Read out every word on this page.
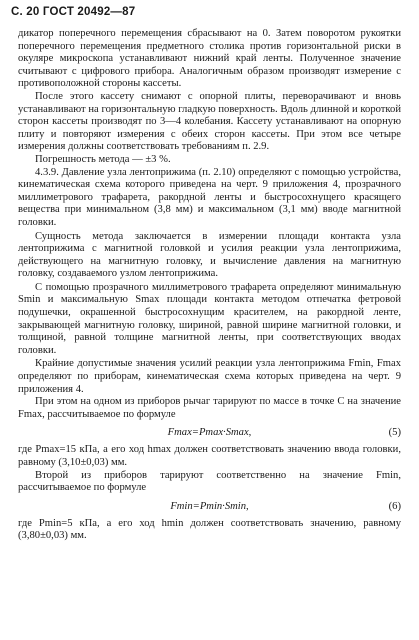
С. 20 ГОСТ 20492—87

дикатор поперечного перемещения сбрасывают на 0. Затем поворотом рукоятки поперечного перемещения предметного столика против горизонтальной риски в окуляре микроскопа устанавливают нижний край ленты. Полученное значение считывают с цифрового прибора. Аналогичным образом производят измерение с противоположной стороны кассеты.

После этого кассету снимают с опорной плиты, переворачивают и вновь устанавливают на горизонтальную гладкую поверхность. Вдоль длинной и короткой сторон кассеты производят по 3—4 колебания. Кассету устанавливают на опорную плиту и повторяют измерения с обеих сторон кассеты. При этом все четыре измерения должны соответствовать требованиям п. 2.9.

Погрешность метода — ±3 %.

4.3.9. Давление узла лентоприжима (п. 2.10) определяют с помощью устройства, кинематическая схема которого приведена на черт. 9 приложения 4, прозрачного миллиметрового трафарета, ракордной ленты и быстросохнущего красящего вещества при минимальном (3,8 мм) и максимальном (3,1 мм) вводе магнитной головки.

Сущность метода заключается в измерении площади контакта узла лентоприжима с магнитной головкой и усилия реакции узла лентоприжима, действующего на магнитную головку, и вычисление давления на магнитную головку, создаваемого узлом лентоприжима.

С помощью прозрачного миллиметрового трафарета определяют минимальную Smin и максимальную Smax площади контакта методом отпечатка фетровой подушечки, окрашенной быстросохнущим красителем, на ракордной ленте, закрывающей магнитную головку, шириной, равной ширине магнитной головки, и толщиной, равной толщине магнитной ленты, при соответствующих вводах головки.

Крайние допустимые значения усилий реакции узла лентоприжима Fmin, Fmax определяют по приборам, кинематическая схема которых приведена на черт. 9 приложения 4.

При этом на одном из приборов рычаг тарируют по массе в точке C на значение Fmax, рассчитываемое по формуле

Fmax=Pmax·Smax,	(5)

где Pmax=15 кПа, а его ход hmax должен соответствовать значению ввода головки, равному (3,10±0,03) мм.

Второй из приборов тарируют соответственно на значение Fmin, рассчитываемое по формуле

Fmin=Pmin·Smin,	(6)

где Pmin=5 кПа, а его ход hmin должен соответствовать значению, равному (3,80±0,03) мм.
